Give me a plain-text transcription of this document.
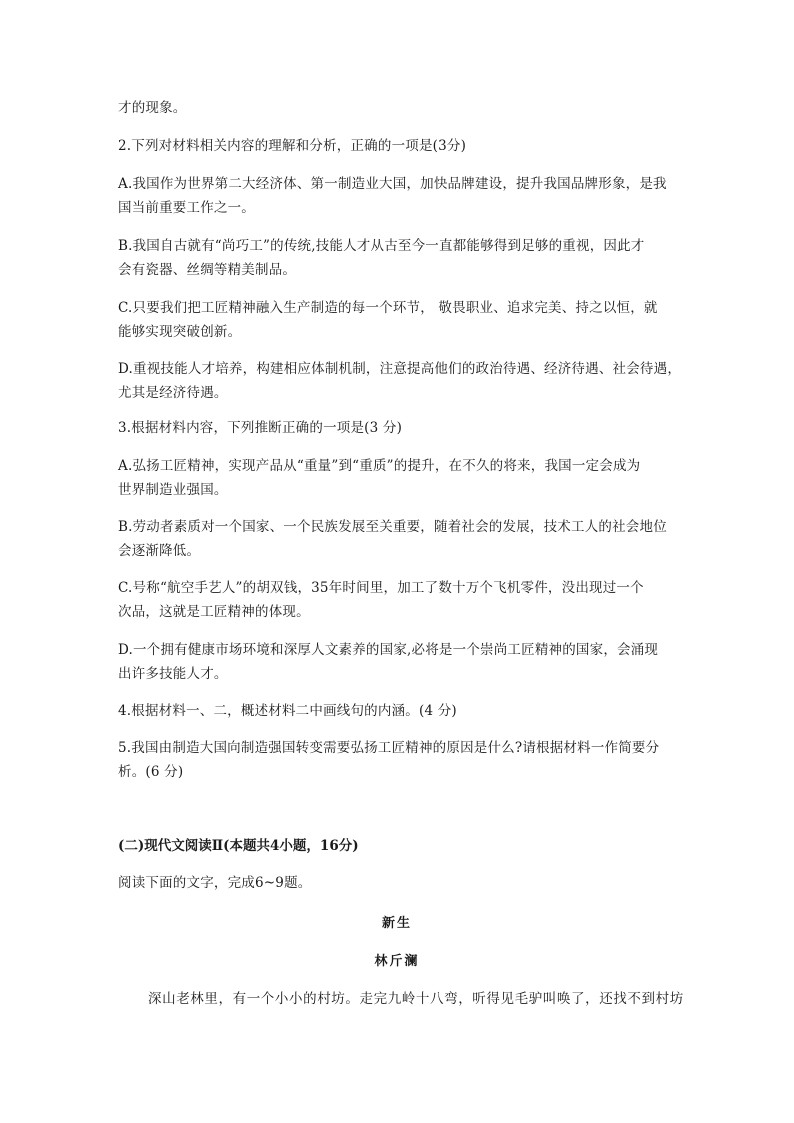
才的现象。
2.下列对材料相关内容的理解和分析，正确的一项是(3分)
A.我国作为世界第二大经济体、第一制造业大国，加快品牌建设，提升我国品牌形象，是我
国当前重要工作之一。
B.我国自古就有“尚巧工”的传统,技能人才从古至今一直都能够得到足够的重视，因此才
会有瓷器、丝绸等精美制品。
C.只要我们把工匠精神融入生产制造的每一个环节， 敬畏职业、追求完美、持之以恒，就
能够实现突破创新。
D.重视技能人才培养，构建相应体制机制，注意提高他们的政治待遇、经济待遇、社会待遇，
尤其是经济待遇。
3.根据材料内容，下列推断正确的一项是(3 分)
A.弘扬工匠精神，实现产品从“重量”到“重质”的提升，在不久的将来，我国一定会成为
世界制造业强国。
B.劳动者素质对一个国家、一个民族发展至关重要，随着社会的发展，技术工人的社会地位
会逐渐降低。
C.号称“航空手艺人”的胡双钱，35年时间里，加工了数十万个飞机零件，没出现过一个
次品，这就是工匠精神的体现。
D.一个拥有健康市场环境和深厚人文素养的国家,必将是一个崇尚工匠精神的国家，会涌现
出许多技能人才。
4.根据材料一、二，概述材料二中画线句的内涵。(4 分)
5.我国由制造大国向制造强国转变需要弘扬工匠精神的原因是什么?请根据材料一作简要分
析。(6 分)
(二)现代文阅读Ⅱ(本题共4小题，16分)
阅读下面的文字，完成6~9题。
新生
林斤澜
深山老林里，有一个小小的村坊。走完九岭十八弯，听得见毛驴叫唤了，还找不到村坊
